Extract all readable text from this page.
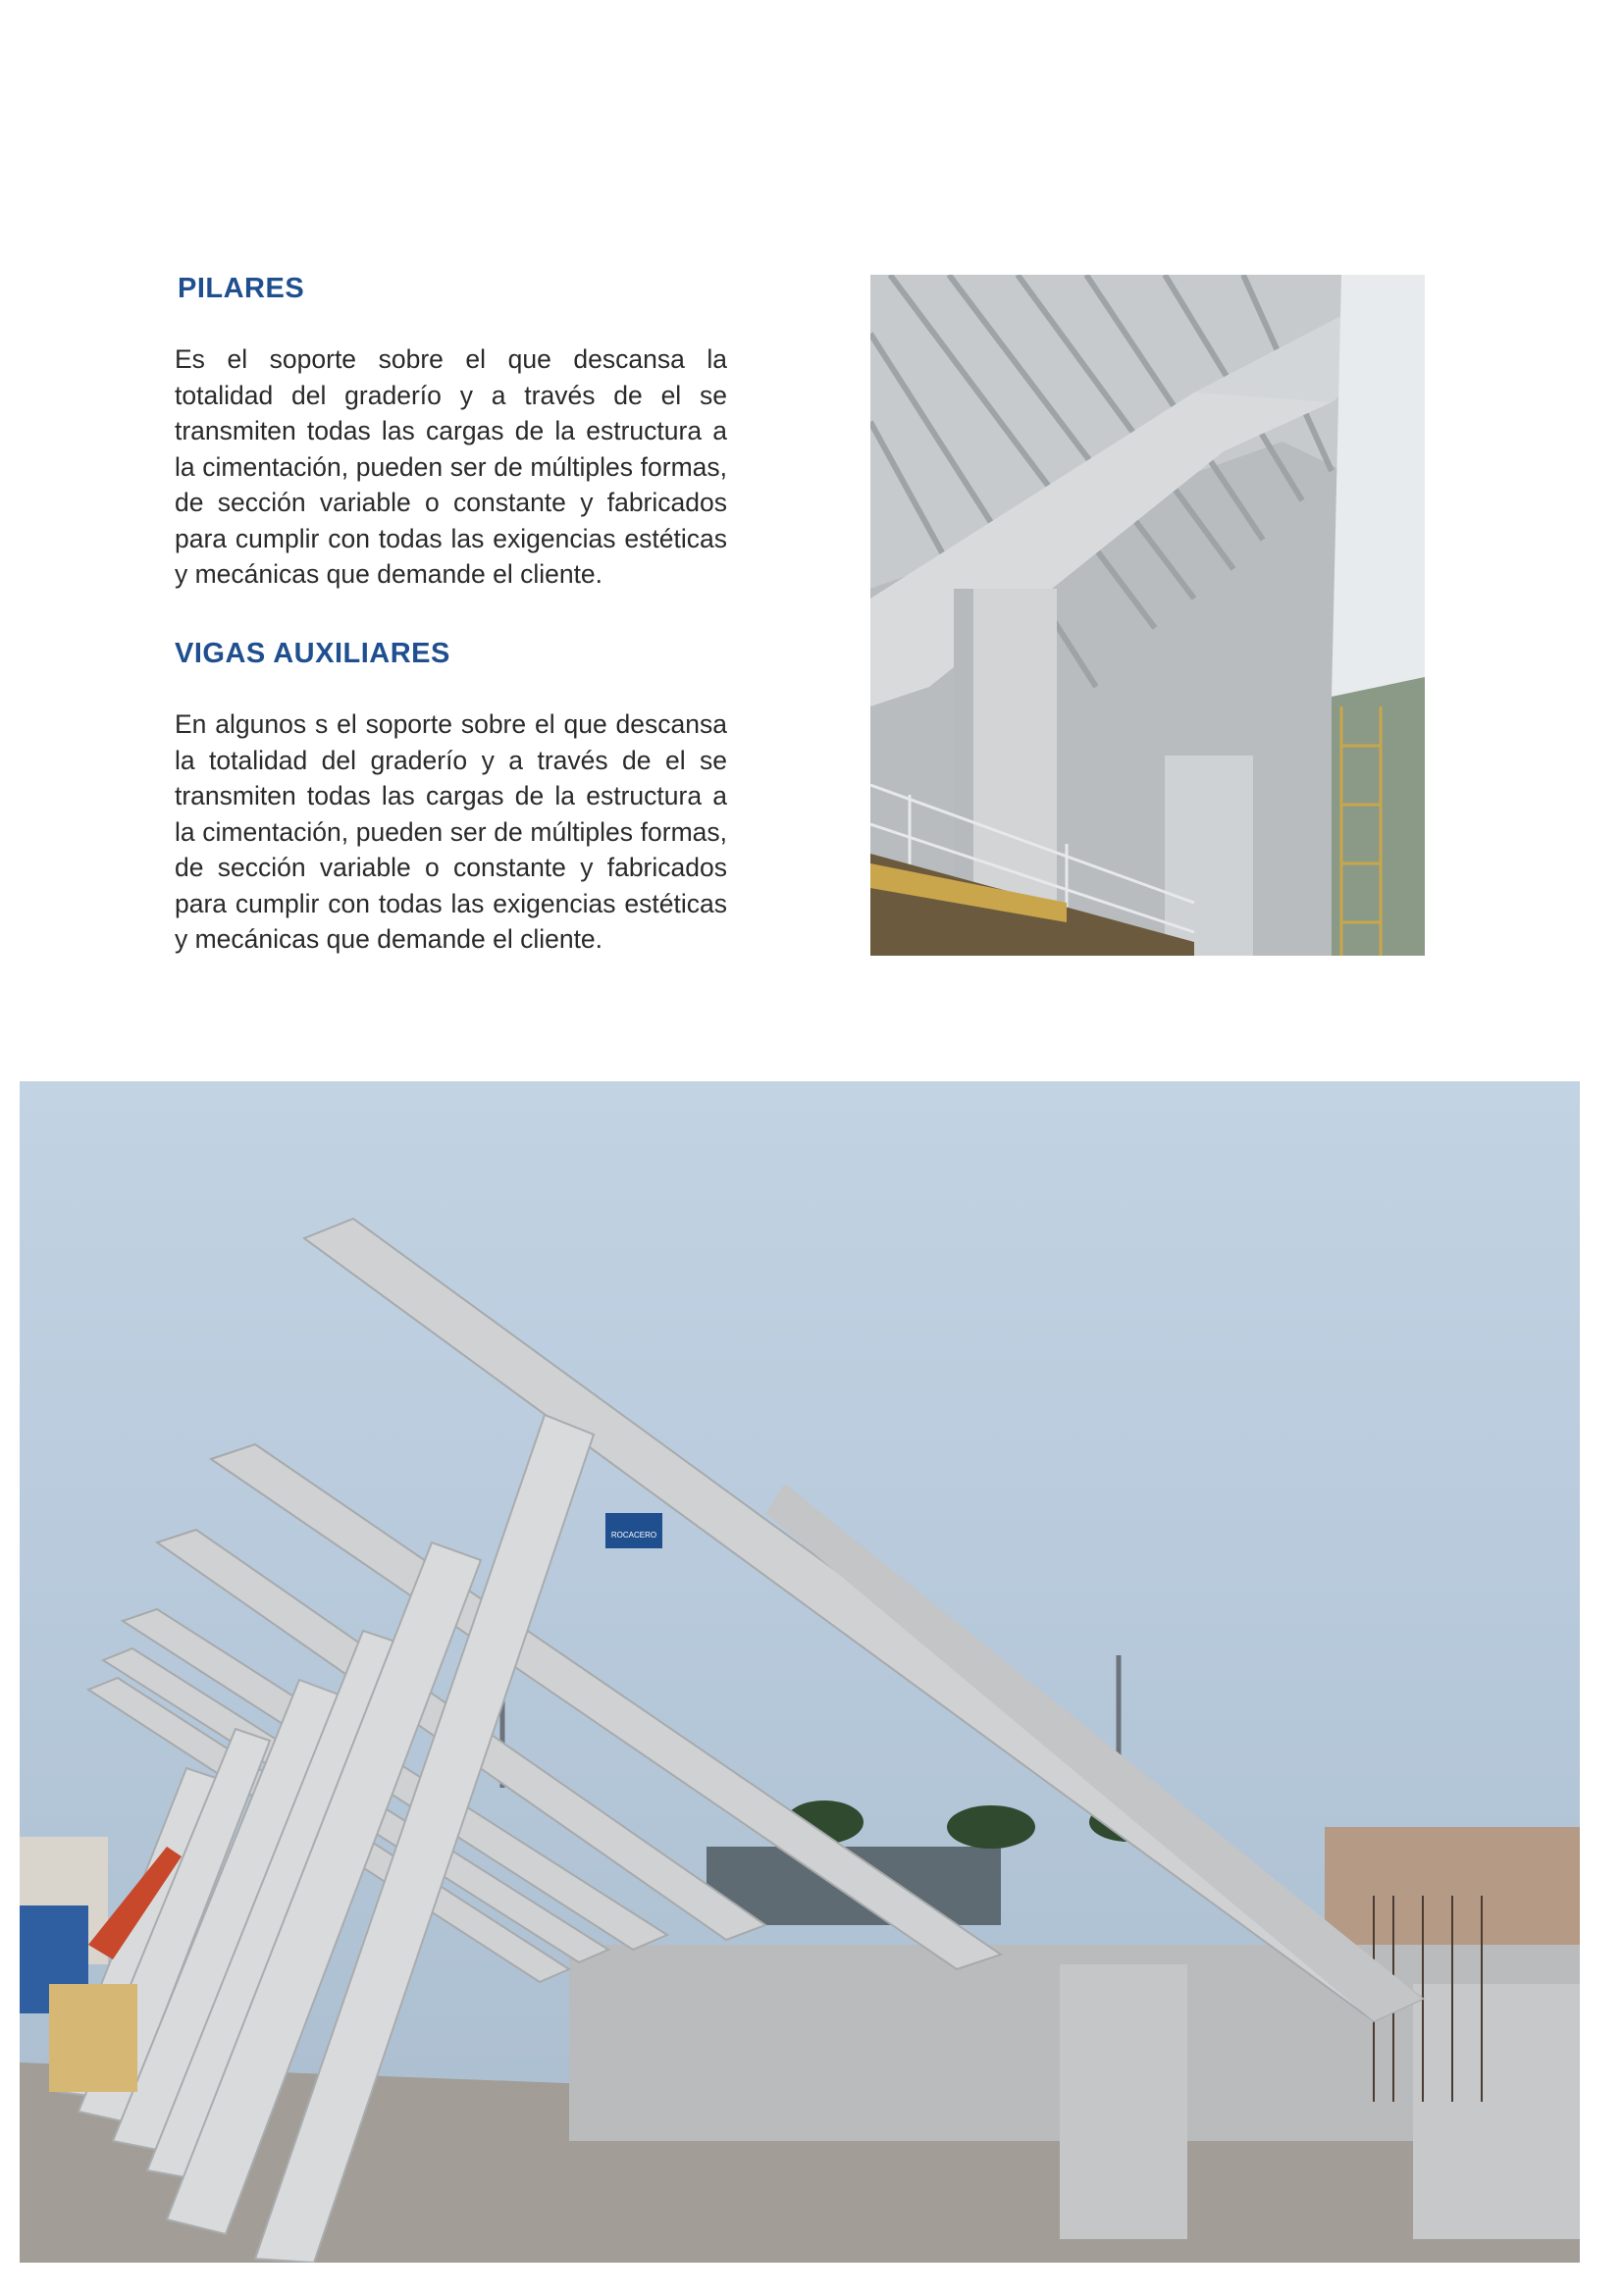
PILARES

Es el soporte sobre el que descansa la totalidad del graderío y a través de el se transmiten todas las cargas de la estructura a la cimentación, pueden ser de múltiples formas, de sección variable o constante y fabricados para cumplir con todas las exigencias estéticas y mecánicas que demande el cliente.

VIGAS AUXILIARES

En algunos s el soporte sobre el que descansa la totalidad del graderío y a través de el se transmiten todas las cargas de la estructura a la cimentación, pueden ser de múltiples formas, de sección variable o constante y fabricados para cumplir con todas las exigencias estéticas y mecánicas que demande el cliente.

ROCACERO
